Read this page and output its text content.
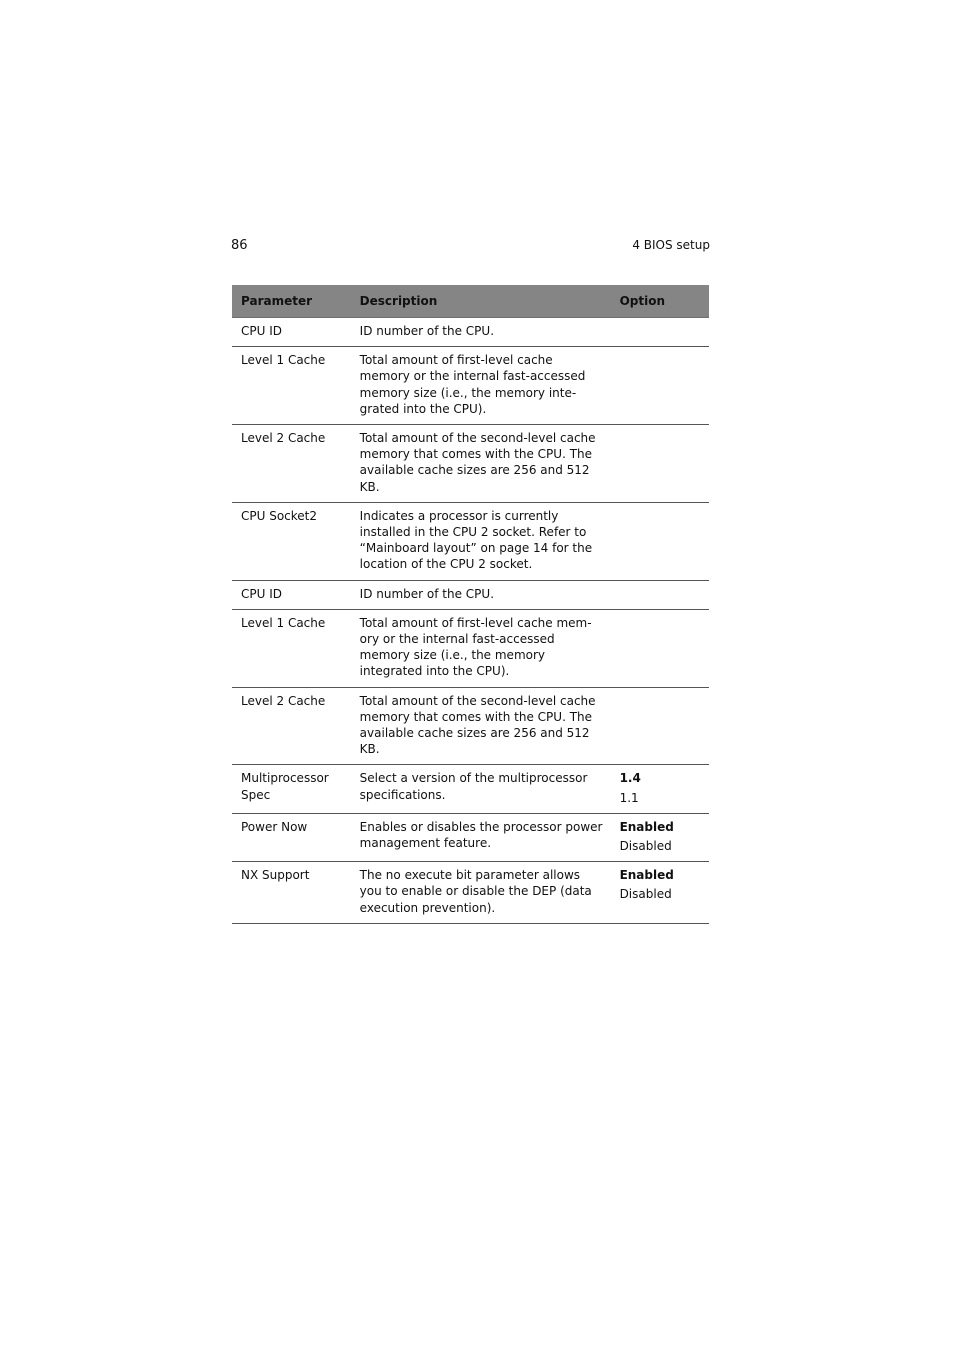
86	4 BIOS setup
Parameter	Description	Option
CPU ID	ID number of the CPU.	
Level 1 Cache	Total amount of first-level cache memory or the internal fast-accessed memory size (i.e., the memory inte-grated into the CPU).	
Level 2 Cache	Total amount of the second-level cache memory that comes with the CPU. The available cache sizes are 256 and 512 KB.	
CPU Socket2	Indicates a processor is currently installed in the CPU 2 socket. Refer to “Mainboard layout” on page 14 for the location of the CPU 2 socket.	
CPU ID	ID number of the CPU.	
Level 1 Cache	Total amount of first-level cache mem-ory or the internal fast-accessed memory size (i.e., the memory integrated into the CPU).	
Level 2 Cache	Total amount of the second-level cache memory that comes with the CPU. The available cache sizes are 256 and 512 KB.	
Multiprocessor Spec	Select a version of the multiprocessor specifications.	1.4
1.1

Power Now	Enables or disables the processor power management feature.	Enabled
Disabled

NX Support	The no execute bit parameter allows you to enable or disable the DEP (data execution prevention).	Enabled
Disabled
